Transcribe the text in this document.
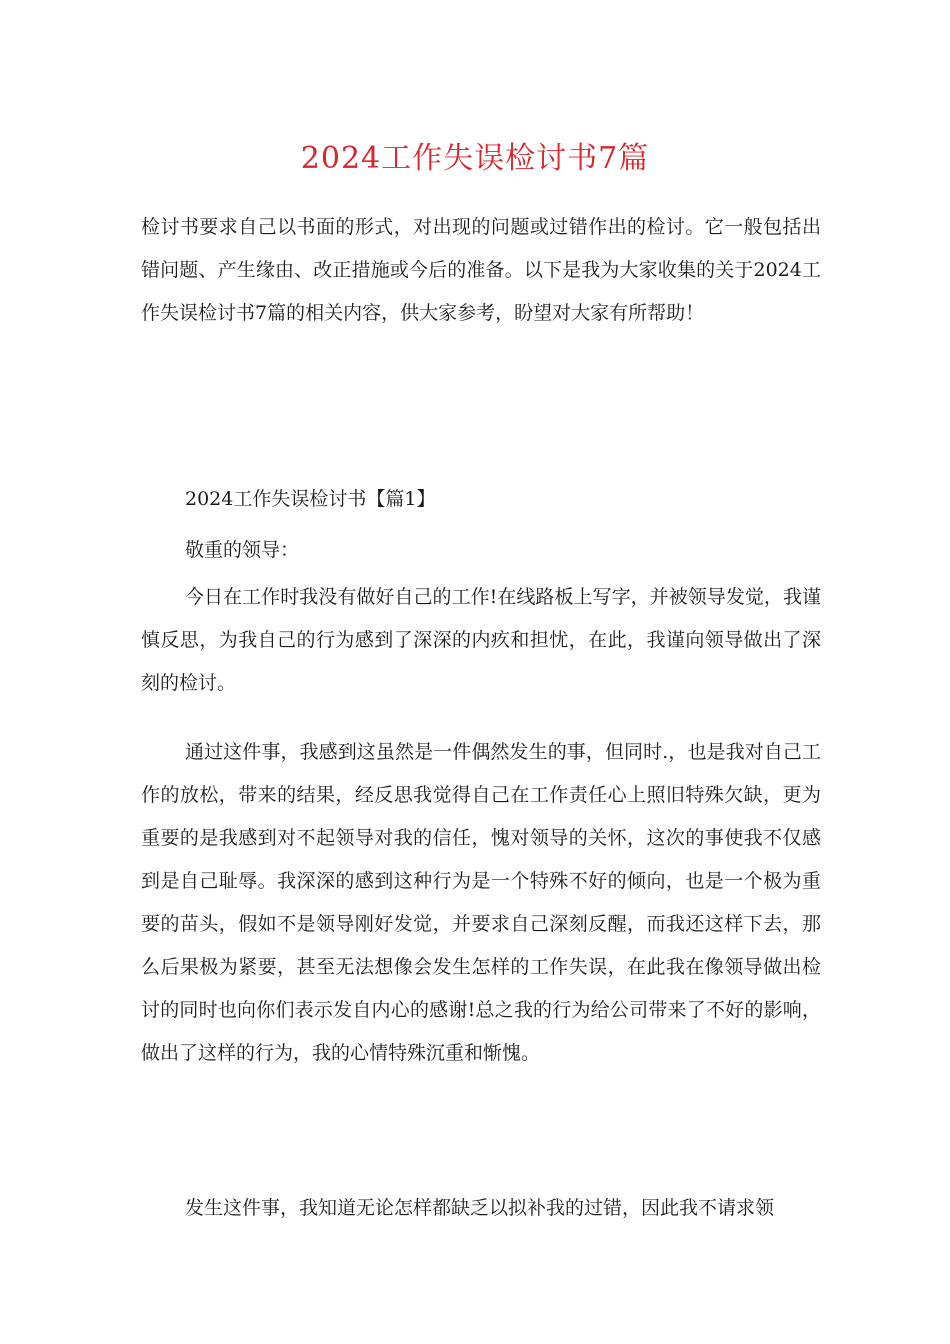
2024工作失误检讨书7篇

检讨书要求自己以书面的形式，对出现的问题或过错作出的检讨。它一般包括出错问题、产生缘由、改正措施或今后的准备。以下是我为大家收集的关于2024工作失误检讨书7篇的相关内容，供大家参考，盼望对大家有所帮助！

2024工作失误检讨书【篇1】
敬重的领导：

今日在工作时我没有做好自己的工作!在线路板上写字，并被领导发觉，我谨慎反思，为我自己的行为感到了深深的内疚和担忧，在此，我谨向领导做出了深刻的检讨。

通过这件事，我感到这虽然是一件偶然发生的事，但同时.，也是我对自己工作的放松，带来的结果，经反思我觉得自己在工作责任心上照旧特殊欠缺，更为重要的是我感到对不起领导对我的信任，愧对领导的关怀，这次的事使我不仅感到是自己耻辱。我深深的感到这种行为是一个特殊不好的倾向，也是一个极为重要的苗头，假如不是领导刚好发觉，并要求自己深刻反醒，而我还这样下去，那么后果极为紧要，甚至无法想像会发生怎样的工作失误，在此我在像领导做出检讨的同时也向你们表示发自内心的感谢!总之我的行为给公司带来了不好的影响，做出了这样的行为，我的心情特殊沉重和惭愧。

发生这件事，我知道无论怎样都缺乏以拟补我的过错，因此我不请求领
